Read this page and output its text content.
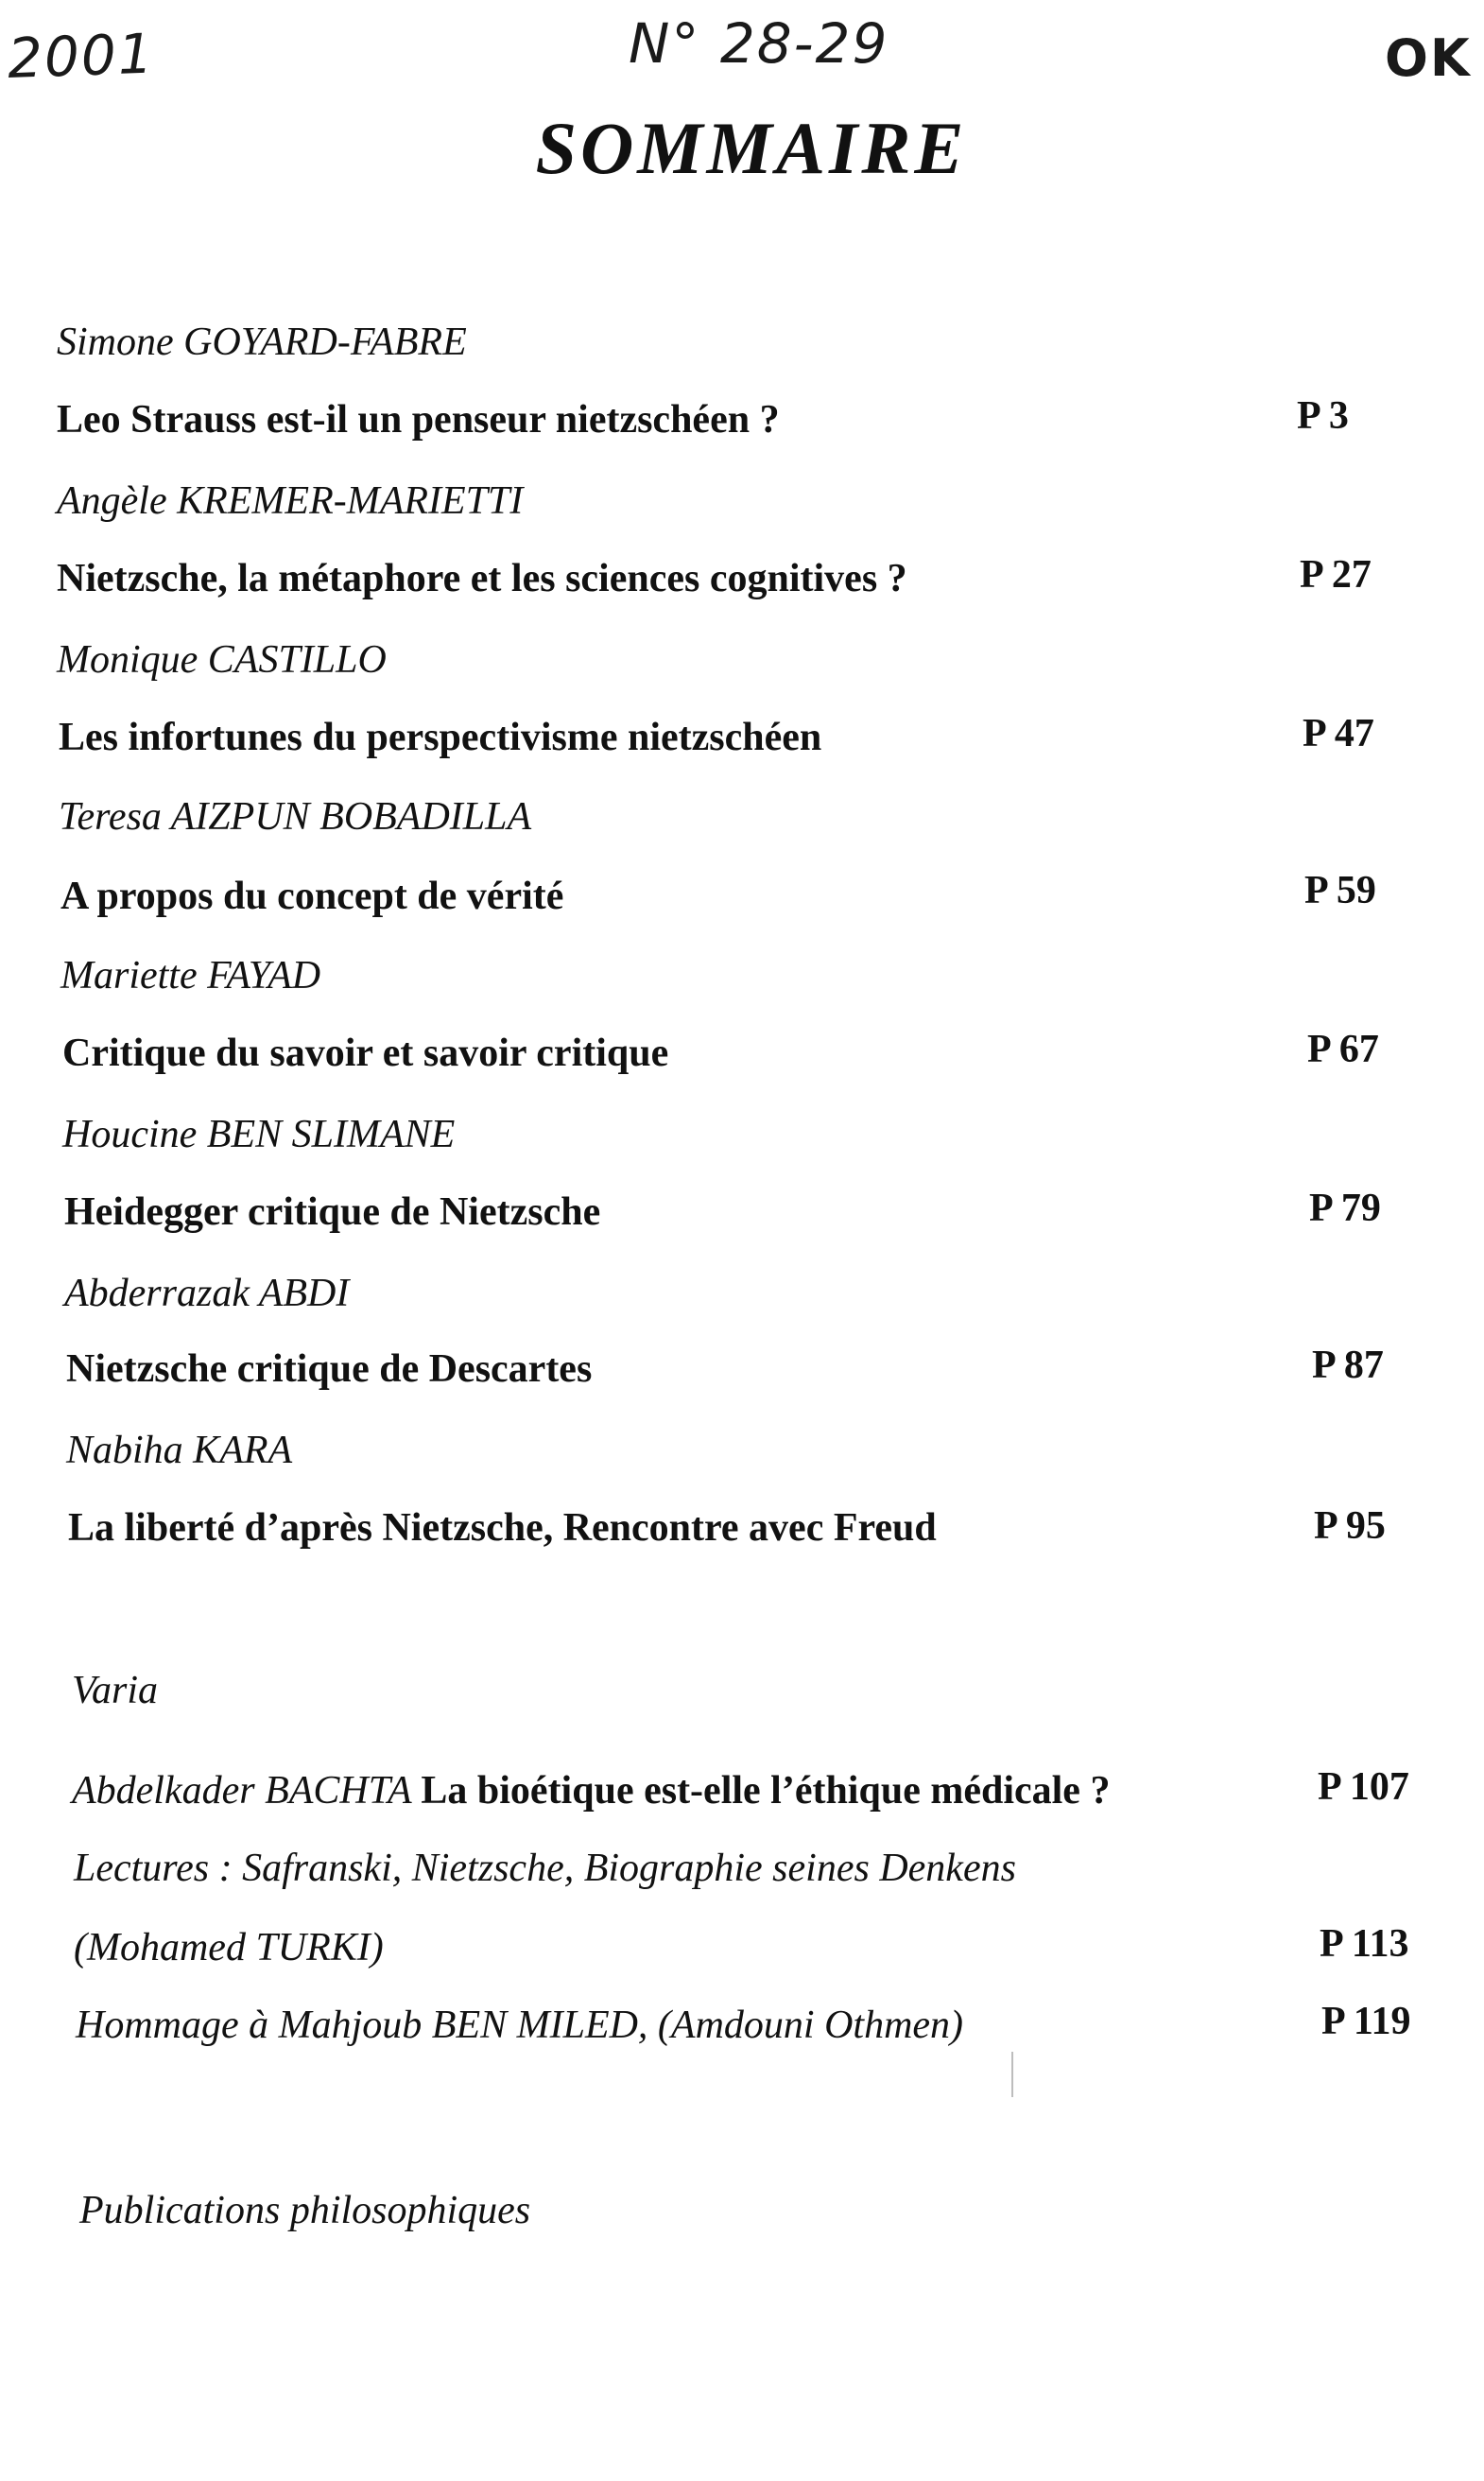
2001	N° 28-29	OK
SOMMAIRE
Simone GOYARD-FABRE
Leo Strauss est-il un penseur nietzschéen ?	P 3
Angèle KREMER-MARIETTI
Nietzsche, la métaphore et les sciences cognitives ?	P 27
Monique CASTILLO
Les infortunes du perspectivisme nietzschéen	P 47
Teresa AIZPUN BOBADILLA
A propos du concept de vérité	P 59
Mariette FAYAD
Critique du savoir et savoir critique	P 67
Houcine BEN SLIMANE
Heidegger critique de Nietzsche	P 79
Abderrazak ABDI
Nietzsche critique de Descartes	P 87
Nabiha KARA
La liberté d’après Nietzsche, Rencontre avec Freud	P 95
Varia
Abdelkader BACHTA La bioétique est-elle l’éthique médicale ?	P 107
Lectures : Safranski, Nietzsche, Biographie seines Denkens
(Mohamed TURKI)	P 113
Hommage à Mahjoub BEN MILED, (Amdouni Othmen)	P 119
Publications philosophiques
